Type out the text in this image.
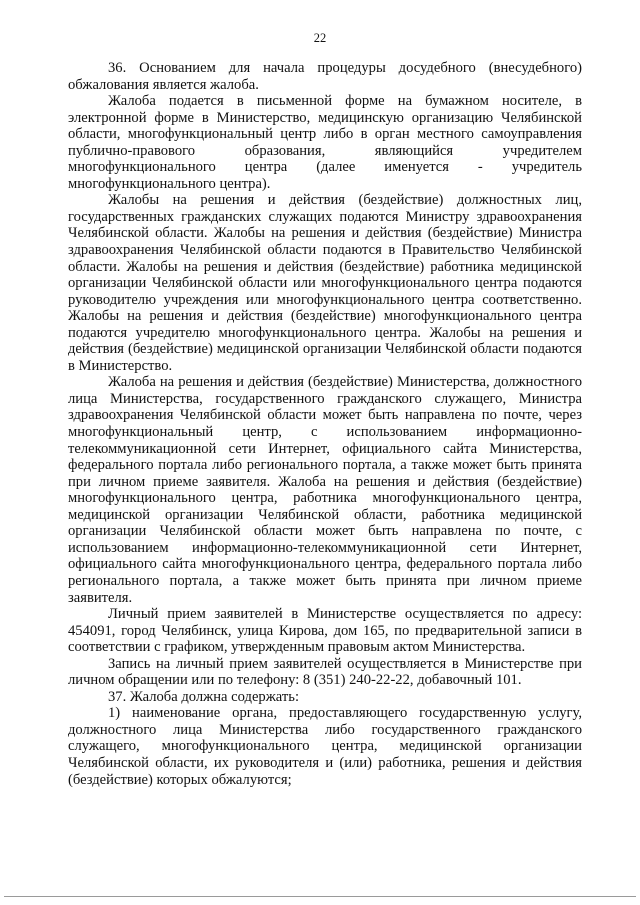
22

36. Основанием для начала процедуры досудебного (внесудебного) обжалования является жалоба.

Жалоба подается в письменной форме на бумажном носителе, в электронной форме в Министерство, медицинскую организацию Челябинской области, многофункциональный центр либо в орган местного самоуправления публично-правового образования, являющийся учредителем многофункционального центра (далее именуется - учредитель многофункционального центра).

Жалобы на решения и действия (бездействие) должностных лиц, государственных гражданских служащих подаются Министру здравоохранения Челябинской области. Жалобы на решения и действия (бездействие) Министра здравоохранения Челябинской области подаются в Правительство Челябинской области. Жалобы на решения и действия (бездействие) работника медицинской организации Челябинской области или многофункционального центра подаются руководителю учреждения или многофункционального центра соответственно. Жалобы на решения и действия (бездействие) многофункционального центра подаются учредителю многофункционального центра. Жалобы на решения и действия (бездействие) медицинской организации Челябинской области подаются в Министерство.

Жалоба на решения и действия (бездействие) Министерства, должностного лица Министерства, государственного гражданского служащего, Министра здравоохранения Челябинской области может быть направлена по почте, через многофункциональный центр, с использованием информационно-телекоммуникационной сети Интернет, официального сайта Министерства, федерального портала либо регионального портала, а также может быть принята при личном приеме заявителя. Жалоба на решения и действия (бездействие) многофункционального центра, работника многофункционального центра, медицинской организации Челябинской области, работника медицинской организации Челябинской области может быть направлена по почте, с использованием информационно-телекоммуникационной сети Интернет, официального сайта многофункционального центра, федерального портала либо регионального портала, а также может быть принята при личном приеме заявителя.

Личный прием заявителей в Министерстве осуществляется по адресу: 454091, город Челябинск, улица Кирова, дом 165, по предварительной записи в соответствии с графиком, утвержденным правовым актом Министерства.

Запись на личный прием заявителей осуществляется в Министерстве при личном обращении или по телефону: 8 (351) 240-22-22, добавочный 101.

37. Жалоба должна содержать:

1) наименование органа, предоставляющего государственную услугу, должностного лица Министерства либо государственного гражданского служащего, многофункционального центра, медицинской организации Челябинской области, их руководителя и (или) работника, решения и действия (бездействие) которых обжалуются;
